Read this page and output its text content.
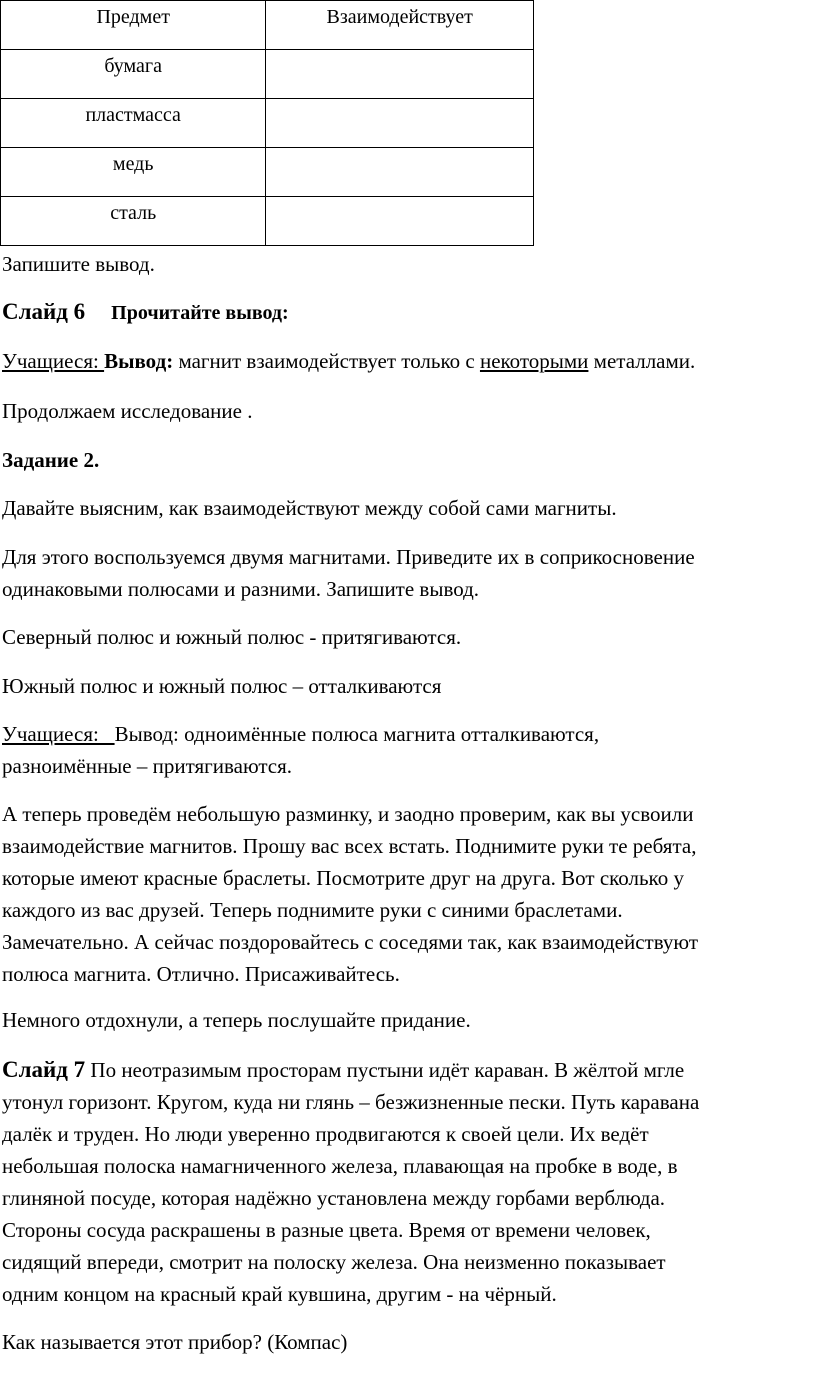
Предмет	Взаимодействует
бумага	
пластмасса	
медь	
сталь	

Запишите вывод.

Слайд 6 Прочитайте вывод:

Учащиеся: Вывод: магнит взаимодействует только с некоторыми металлами.

Продолжаем исследование .

Задание 2.

Давайте выясним, как взаимодействуют между собой сами магниты.

Для этого воспользуемся двумя магнитами. Приведите их в соприкосновение

одинаковыми полюсами и разними. Запишите вывод.

Северный полюс и южный полюс - притягиваются.

Южный полюс и южный полюс – отталкиваются

Учащиеся:   Вывод: одноимённые полюса магнита отталкиваются,

разноимённые – притягиваются.

А теперь проведём небольшую разминку, и заодно проверим, как вы усвоили

взаимодействие магнитов. Прошу вас всех встать. Поднимите руки те ребята,

которые имеют красные браслеты. Посмотрите друг на друга. Вот сколько у

каждого из вас друзей. Теперь поднимите руки с синими браслетами.

Замечательно. А сейчас поздоровайтесь с соседями так, как взаимодействуют

полюса магнита. Отлично. Присаживайтесь.

Немного отдохнули, а теперь послушайте придание.

Слайд 7 По неотразимым просторам пустыни идёт караван. В жёлтой мгле

утонул горизонт. Кругом, куда ни глянь – безжизненные пески. Путь каравана

далёк и труден. Но люди уверенно продвигаются к своей цели. Их ведёт

небольшая полоска намагниченного железа, плавающая на пробке в воде, в

глиняной посуде, которая надёжно установлена между горбами верблюда.

Стороны сосуда раскрашены в разные цвета. Время от времени человек,

сидящий впереди, смотрит на полоску железа. Она неизменно показывает

одним концом на красный край кувшина, другим - на чёрный.

Как называется этот прибор? (Компас)
